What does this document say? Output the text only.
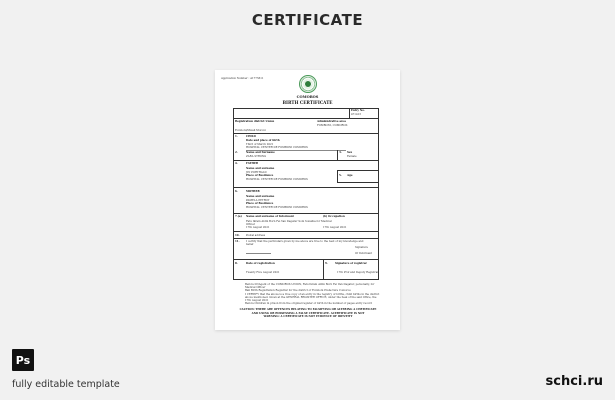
CERTIFICATE
Application Number : A1775611
COMOROS
BIRTH CERTIFICATE
Entry No.
471413
Registration district Union	Administrative area
FOMBONI, COMOROS
Fomboni/Mwali Moroni
1.	CHILD
Date and place of birth
Third of March 2021
HOSPITAL CENTER DE FOMBONI COMOROS
2.	Name and Surname
ZARA STRONG
3. Sex
Female
4.	FATHER
Name and surname
JIN PORTHALD
Place of Residence
HOSPITAL CENTER DE FOMBONI COMOROS
5. Age
6.	MOTHER
Name and surname
PAMELA PETROY
Place of Residence
HOSPITAL CENTER DE FOMBONI COMOROS
7.(a) Name and surname of Informant	(b) Occupation
Fatu Ikram Aldin Born Fei Van Dagatur Soni Sonalba for Medical Officer
17th August 2021	17th August 2021
10. Postal address
11. I certify that the particulars given by me above are true to the best of my knowledge and belief
Signature
Of Informant
8.	Date of registration	9.	Signature of registrar
Twenty Five August 2021	17th Prof and Deputy Registrar
Before Dr/Agent of the COMOROS UNION, Fatu Ikram Aldin Born Fei Van Dagatur, personally, for Medical Officer
Bali Birth Registration Registrar for the district of Fomboni Prefecture Comoros
I CERTIFY that the above is a true copy of an entry in the registry of births, child births in the district above mentioned. Given at the GENERAL REGISTER OFFICE, under the Seal of the said Office, the 17th August 2021
Before Children in prison from the original register of birth in the number of pages entry record
CAUTION: THERE ARE OFFENCES RELATING TO FALSIFYING OR ALTERING A CERTIFICATE
AND USING OR POSSESSING A FALSE CERTIFICATE. ACERTIFICATE IS NOT
WARNING: A CERTIFICATE IS NOT EVIDENCE OF IDENTITY
Ps
fully editable template	schci.ru
